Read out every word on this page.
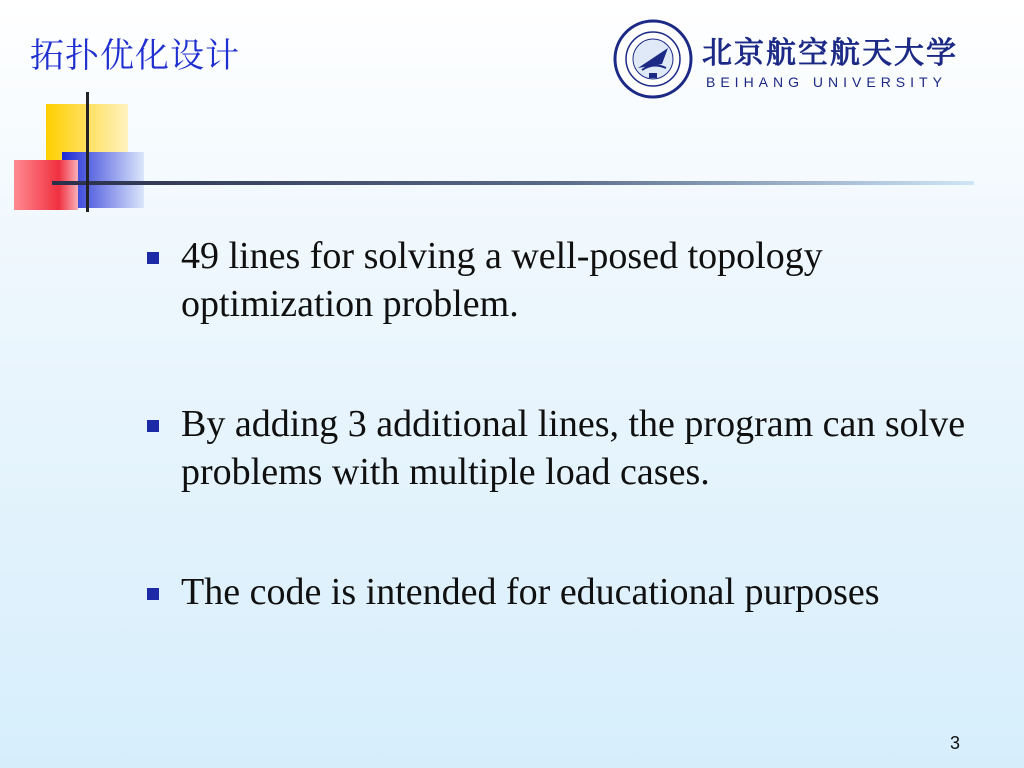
拓扑优化设计	北京航空航天大学
BEIHANG UNIVERSITY
49 lines for solving a well-posed topology optimization problem.
By adding 3 additional lines, the program can solve problems with multiple load cases.
The code is intended for educational purposes
3
